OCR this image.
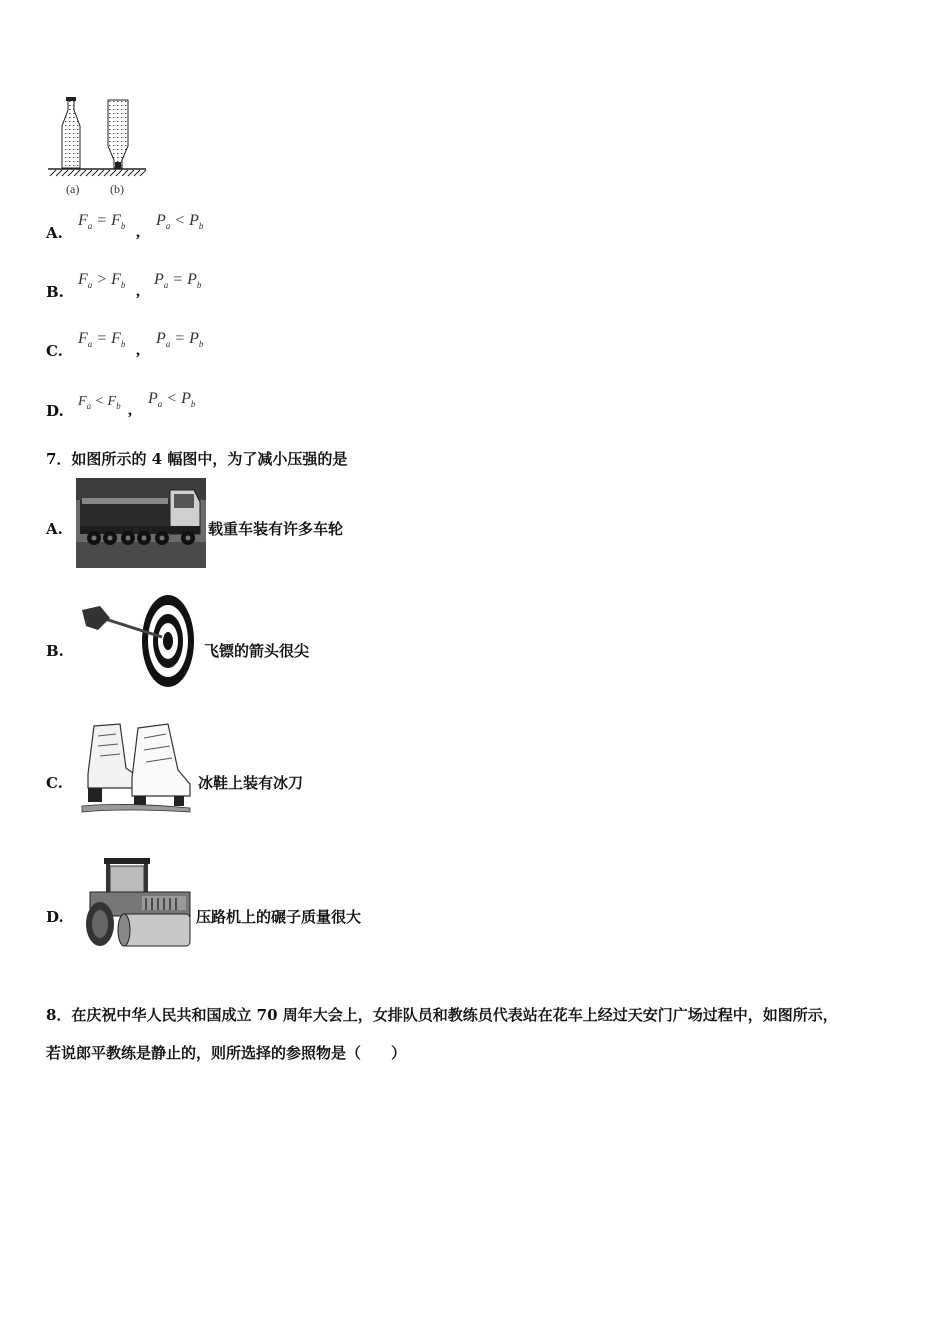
(a)	(b)
A.
$F_a = F_b$ ,
$P_a < P_b$
B.
$F_a > F_b$ ,
$P_a = P_b$
C.
$F_a = F_b$ ,
$P_a = P_b$
D.
$F_a < F_b$ ,
$P_a < P_b$
7．如图所示的 4 幅图中，为了减小压强的是
A.	载重车装有许多车轮
B.	飞镖的箭头很尖
C.	冰鞋上装有冰刀
D.	压路机上的碾子质量很大
8．在庆祝中华人民共和国成立 70 周年大会上，女排队员和教练员代表站在花车上经过天安门广场过程中，如图所示，
若说郎平教练是静止的，则所选择的参照物是（　　）
